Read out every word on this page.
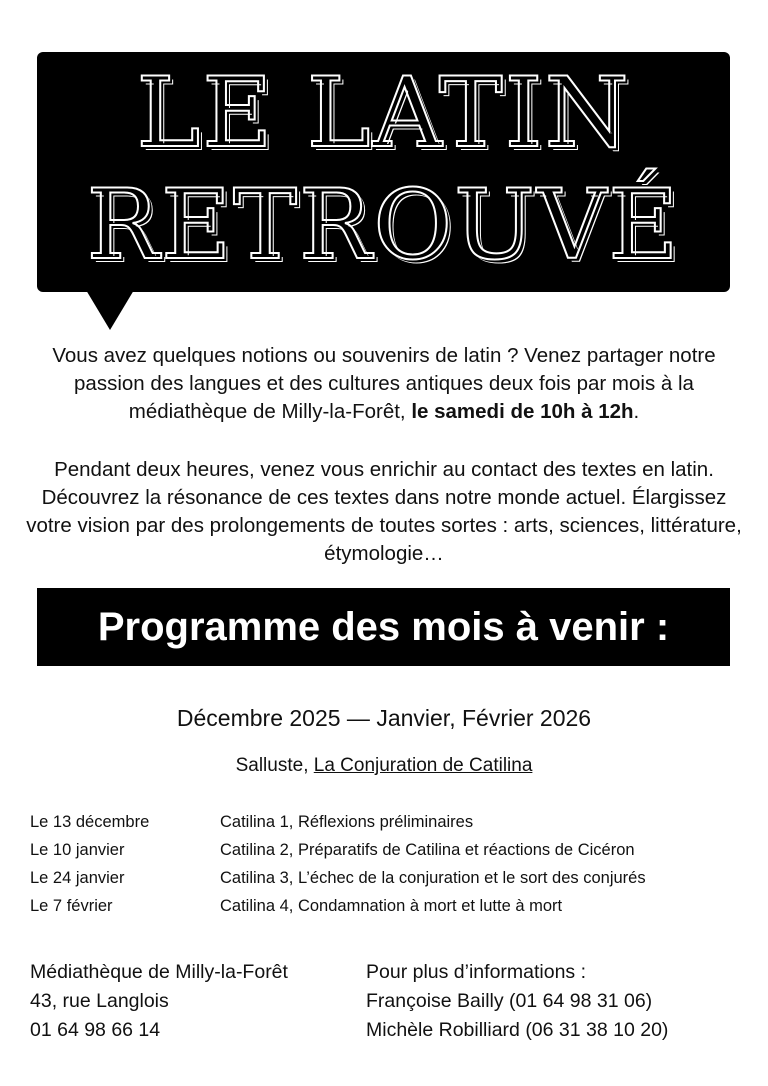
LE LATIN
RETROUVÉ
Vous avez quelques notions ou souvenirs de latin ? Venez partager notre passion des langues et des cultures antiques deux fois par mois à la médiathèque de Milly-la-Forêt, le samedi de 10h à 12h.
Pendant deux heures, venez vous enrichir au contact des textes en latin. Découvrez la résonance de ces textes dans notre monde actuel. Élargissez votre vision par des prolongements de toutes sortes : arts, sciences, littérature, étymologie…
Programme des mois à venir :
Décembre 2025 — Janvier, Février 2026
Salluste, La Conjuration de Catilina
Le 13 décembre	Catilina 1, Réflexions préliminaires
Le 10 janvier	Catilina 2, Préparatifs de Catilina et réactions de Cicéron
Le 24 janvier	Catilina 3, L’échec de la conjuration et le sort des conjurés
Le 7 février	Catilina 4, Condamnation à mort et lutte à mort
Médiathèque de Milly-la-Forêt
43, rue Langlois
01 64 98 66 14
Pour plus d’informations :
Françoise Bailly (01 64 98 31 06)
Michèle Robilliard (06 31 38 10 20)
